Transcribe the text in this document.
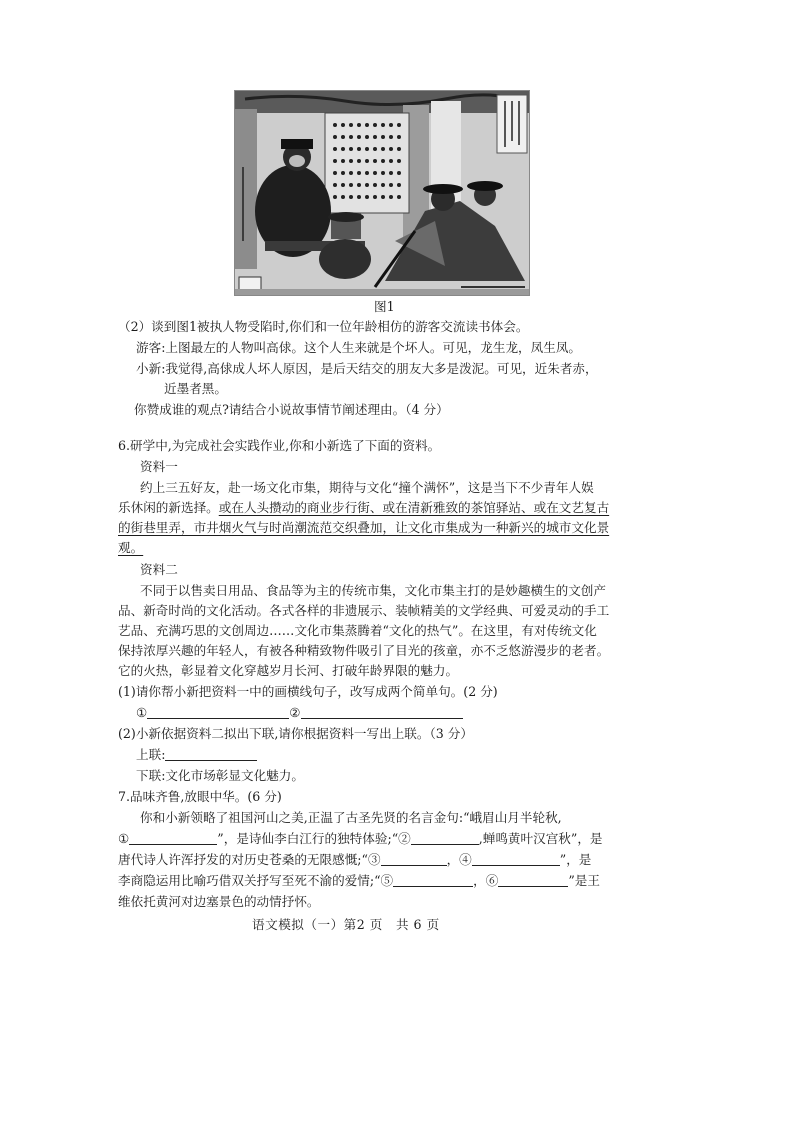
图1
（2）谈到图1被执人物受陷时,你们和一位年龄相仿的游客交流读书体会。
游客:上图最左的人物叫高俅。这个人生来就是个坏人。可见，龙生龙，凤生凤。
小新:我觉得,高俅成人坏人原因，是后天结交的朋友大多是泼泥。可见，近朱者赤，
近墨者黑。
你赞成谁的观点?请结合小说故事情节阐述理由。（4 分）
6.研学中,为完成社会实践作业,你和小新选了下面的资料。
资料一
约上三五好友，赴一场文化市集，期待与文化“撞个满怀”，这是当下不少青年人娱
乐休闲的新选择。或在人头攒动的商业步行街、或在清新雅致的茶馆驿站、或在文艺复古
的街巷里弄，市井烟火气与时尚潮流范交织叠加，让文化市集成为一种新兴的城市文化景
观。
资料二
不同于以售卖日用品、食品等为主的传统市集，文化市集主打的是妙趣横生的文创产
品、新奇时尚的文化活动。各式各样的非遗展示、装帧精美的文学经典、可爱灵动的手工
艺品、充满巧思的文创周边……文化市集蒸腾着“文化的热气”。在这里，有对传统文化
保持浓厚兴趣的年轻人，有被各种精致物件吸引了目光的孩童，亦不乏悠游漫步的老者。
它的火热，彰显着文化穿越岁月长河、打破年龄界限的魅力。
(1)请你帮小新把资料一中的画横线句子，改写成两个简单句。(2 分)
①	②
(2)小新依据资料二拟出下联,请你根据资料一写出上联。（3 分）
上联:
下联:文化市场彰显文化魅力。
7.品味齐鲁,放眼中华。(6 分)
你和小新领略了祖国河山之美,正温了古圣先贤的名言金句:“峨眉山月半轮秋,
①	”，是诗仙李白江行的独特体验;“②	,蝉鸣黄叶汉宫秋”，是
唐代诗人许浑抒发的对历史苍桑的无限感慨;“③	，④	”，是
李商隐运用比喻巧借双关抒写至死不渝的爱情;“⑤	，⑥	”是王
维依托黄河对边塞景色的动情抒怀。
语文模拟（一）第2 页　共 6 页
